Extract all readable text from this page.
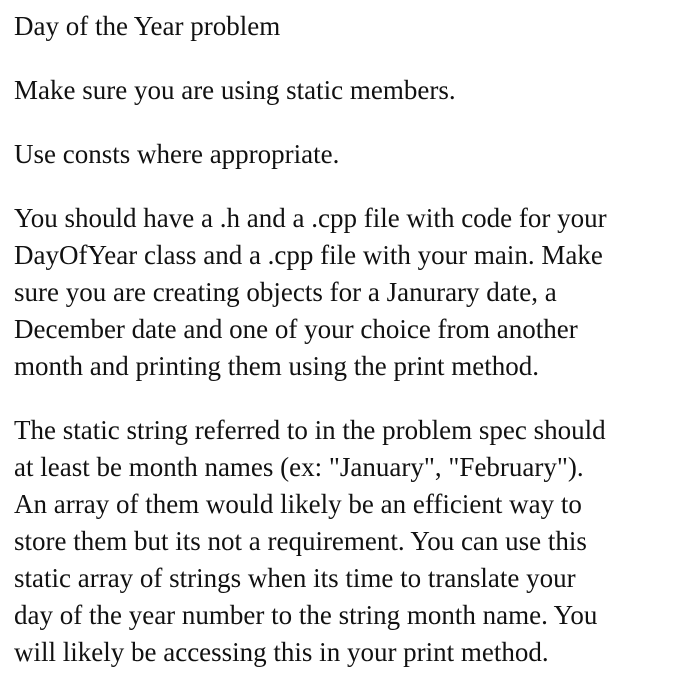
Day of the Year problem

Make sure you are using static members.

Use consts where appropriate.

You should have a .h and a .cpp file with code for your
DayOfYear class and a .cpp file with your main. Make
sure you are creating objects for a Janurary date, a
December date and one of your choice from another
month and printing them using the print method.

The static string referred to in the problem spec should
at least be month names (ex: "January", "February").
An array of them would likely be an efficient way to
store them but its not a requirement. You can use this
static array of strings when its time to translate your
day of the year number to the string month name. You
will likely be accessing this in your print method.
